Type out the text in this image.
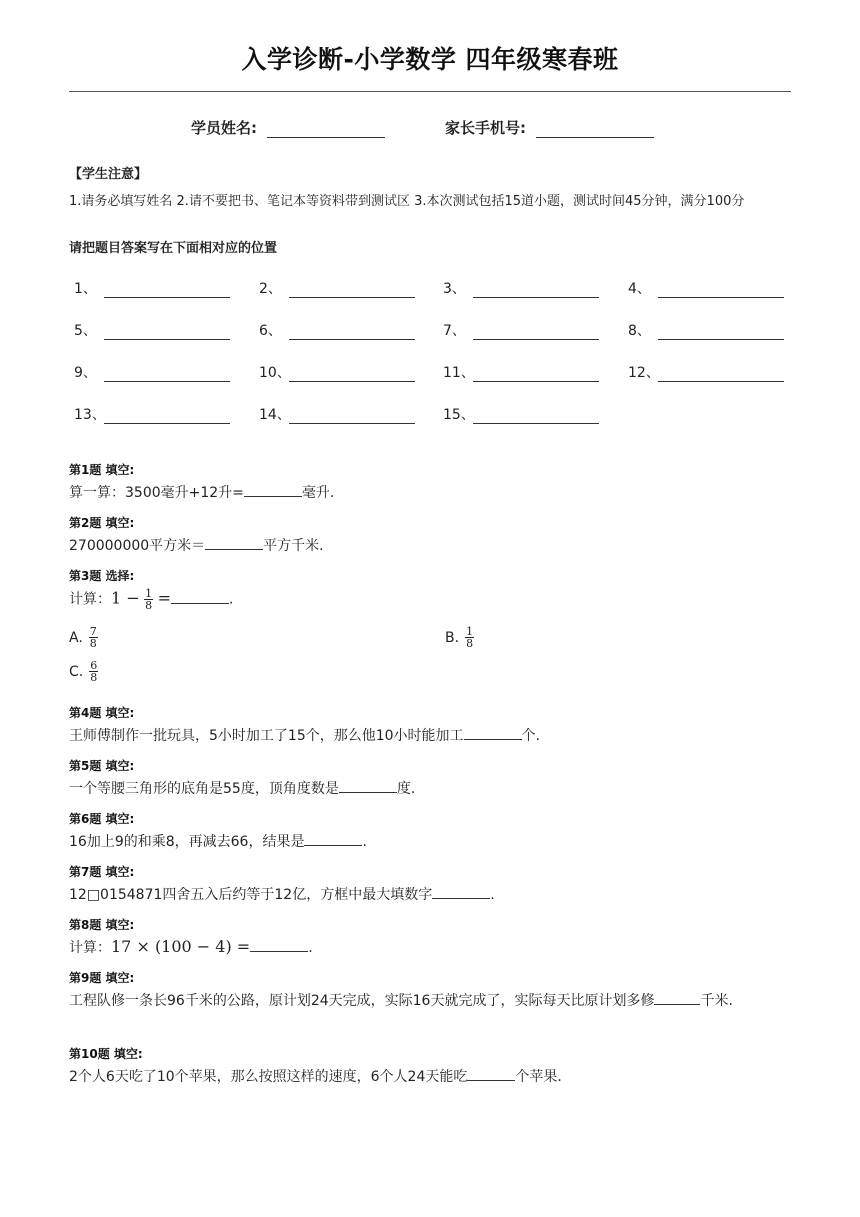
入学诊断-小学数学 四年级寒春班
学员姓名:	家长手机号:
【学生注意】
1.请务必填写姓名 2.请不要把书、笔记本等资料带到测试区 3.本次测试包括15道小题，测试时间45分钟，满分100分
请把题目答案写在下面相对应的位置
1、	2、	3、	4、
5、	6、	7、	8、
9、	10、	11、	12、
13、	14、	15、
第1题 填空:
算一算：3500毫升+12升=	毫升.
第2题 填空:
270000000平方米＝	平方千米.
第3题 选择:
计算：$1 - \frac{1}{8}$ =	.
A. $\frac{7}{8}$	B. $\frac{1}{8}$
C. $\frac{6}{8}$
第4题 填空:
王师傅制作一批玩具，5小时加工了15个，那么他10小时能加工	个.
第5题 填空:
一个等腰三角形的底角是55度，顶角度数是	度.
第6题 填空:
16加上9的和乘8，再减去66，结果是	.
第7题 填空:
12□0154871四舍五入后约等于12亿，方框中最大填数字	.
第8题 填空:
计算：17 × (100 − 4) =	.
第9题 填空:
工程队修一条长96千米的公路，原计划24天完成，实际16天就完成了，实际每天比原计划多修	千米.
第10题 填空:
2个人6天吃了10个苹果，那么按照这样的速度，6个人24天能吃	个苹果.
